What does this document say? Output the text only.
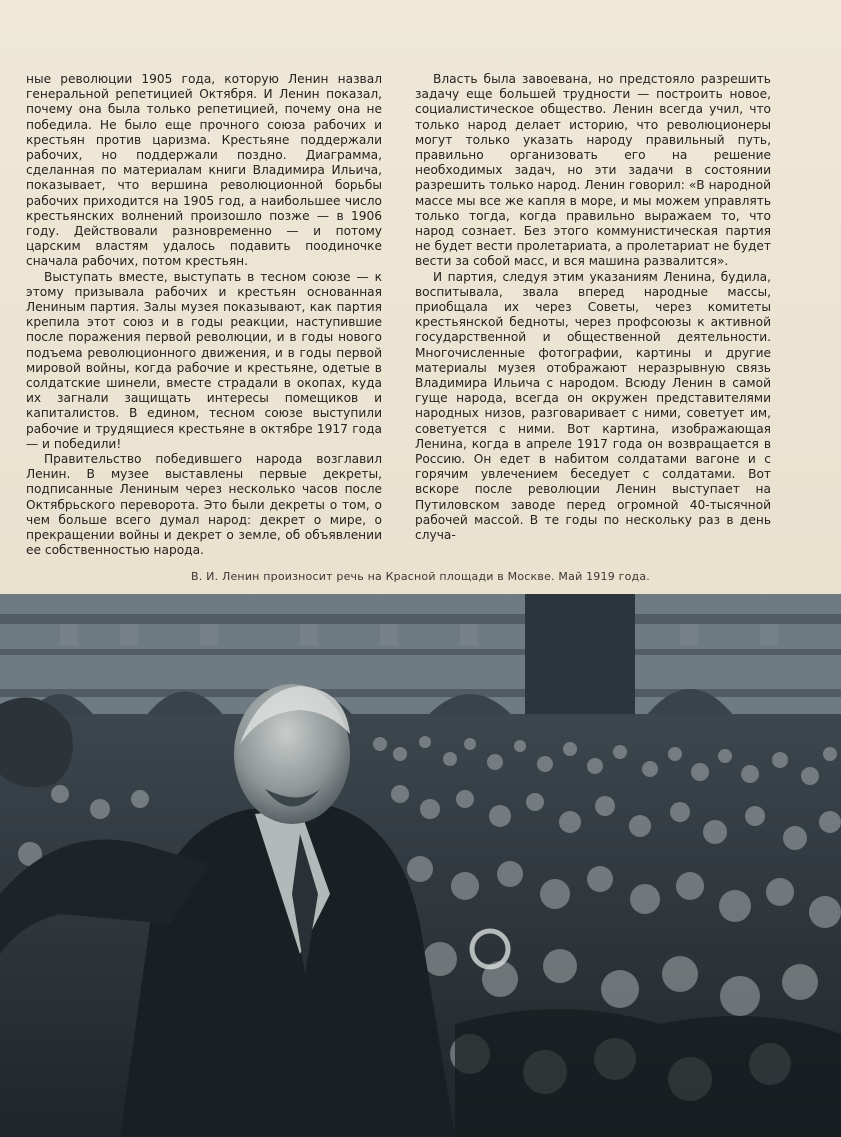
ные революции 1905 года, которую Ленин назвал генеральной репетицией Октября. И Ленин показал, почему она была только репетицией, почему она не победила. Не было еще прочного союза рабочих и крестьян против царизма. Крестьяне поддержали рабочих, но поддержали поздно. Диаграмма, сделанная по материалам книги Владимира Ильича, показывает, что вершина революционной борьбы рабочих приходится на 1905 год, а наибольшее число крестьянских волнений произошло позже — в 1906 году. Действовали разновременно — и потому царским властям удалось подавить поодиночке сначала рабочих, потом крестьян.

Выступать вместе, выступать в тесном союзе — к этому призывала рабочих и крестьян основанная Лениным партия. Залы музея показывают, как партия крепила этот союз и в годы реакции, наступившие после поражения первой революции, и в годы нового подъема революционного движения, и в годы первой мировой войны, когда рабочие и крестьяне, одетые в солдатские шинели, вместе страдали в окопах, куда их загнали защищать интересы помещиков и капиталистов. В едином, тесном союзе выступили рабочие и трудящиеся крестьяне в октябре 1917 года — и победили!

Правительство победившего народа возглавил Ленин. В музее выставлены первые декреты, подписанные Лениным через несколько часов после Октябрьского переворота. Это были декреты о том, о чем больше всего думал народ: декрет о мире, о прекращении войны и декрет о земле, об объявлении ее собственностью народа.

Власть была завоевана, но предстояло разрешить задачу еще большей трудности — построить новое, социалистическое общество. Ленин всегда учил, что только народ делает историю, что революционеры могут только указать народу правильный путь, правильно организовать его на решение необходимых задач, но эти задачи в состоянии разрешить только народ. Ленин говорил: «В народной массе мы все же капля в море, и мы можем управлять только тогда, когда правильно выражаем то, что народ сознает. Без этого коммунистическая партия не будет вести пролетариата, а пролетариат не будет вести за собой масс, и вся машина развалится».

И партия, следуя этим указаниям Ленина, будила, воспитывала, звала вперед народные массы, приобщала их через Советы, через комитеты крестьянской бедноты, через профсоюзы к активной государственной и общественной деятельности. Многочисленные фотографии, картины и другие материалы музея отображают неразрывную связь Владимира Ильича с народом. Всюду Ленин в самой гуще народа, всегда он окружен представителями народных низов, разговаривает с ними, советует им, советуется с ними. Вот картина, изображающая Ленина, когда в апреле 1917 года он возвращается в Россию. Он едет в набитом солдатами вагоне и с горячим увлечением беседует с солдатами. Вот вскоре после революции Ленин выступает на Путиловском заводе перед огромной 40-тысячной рабочей массой. В те годы по нескольку раз в день случа-

В. И. Ленин произносит речь на Красной площади в Москве. Май 1919 года.
